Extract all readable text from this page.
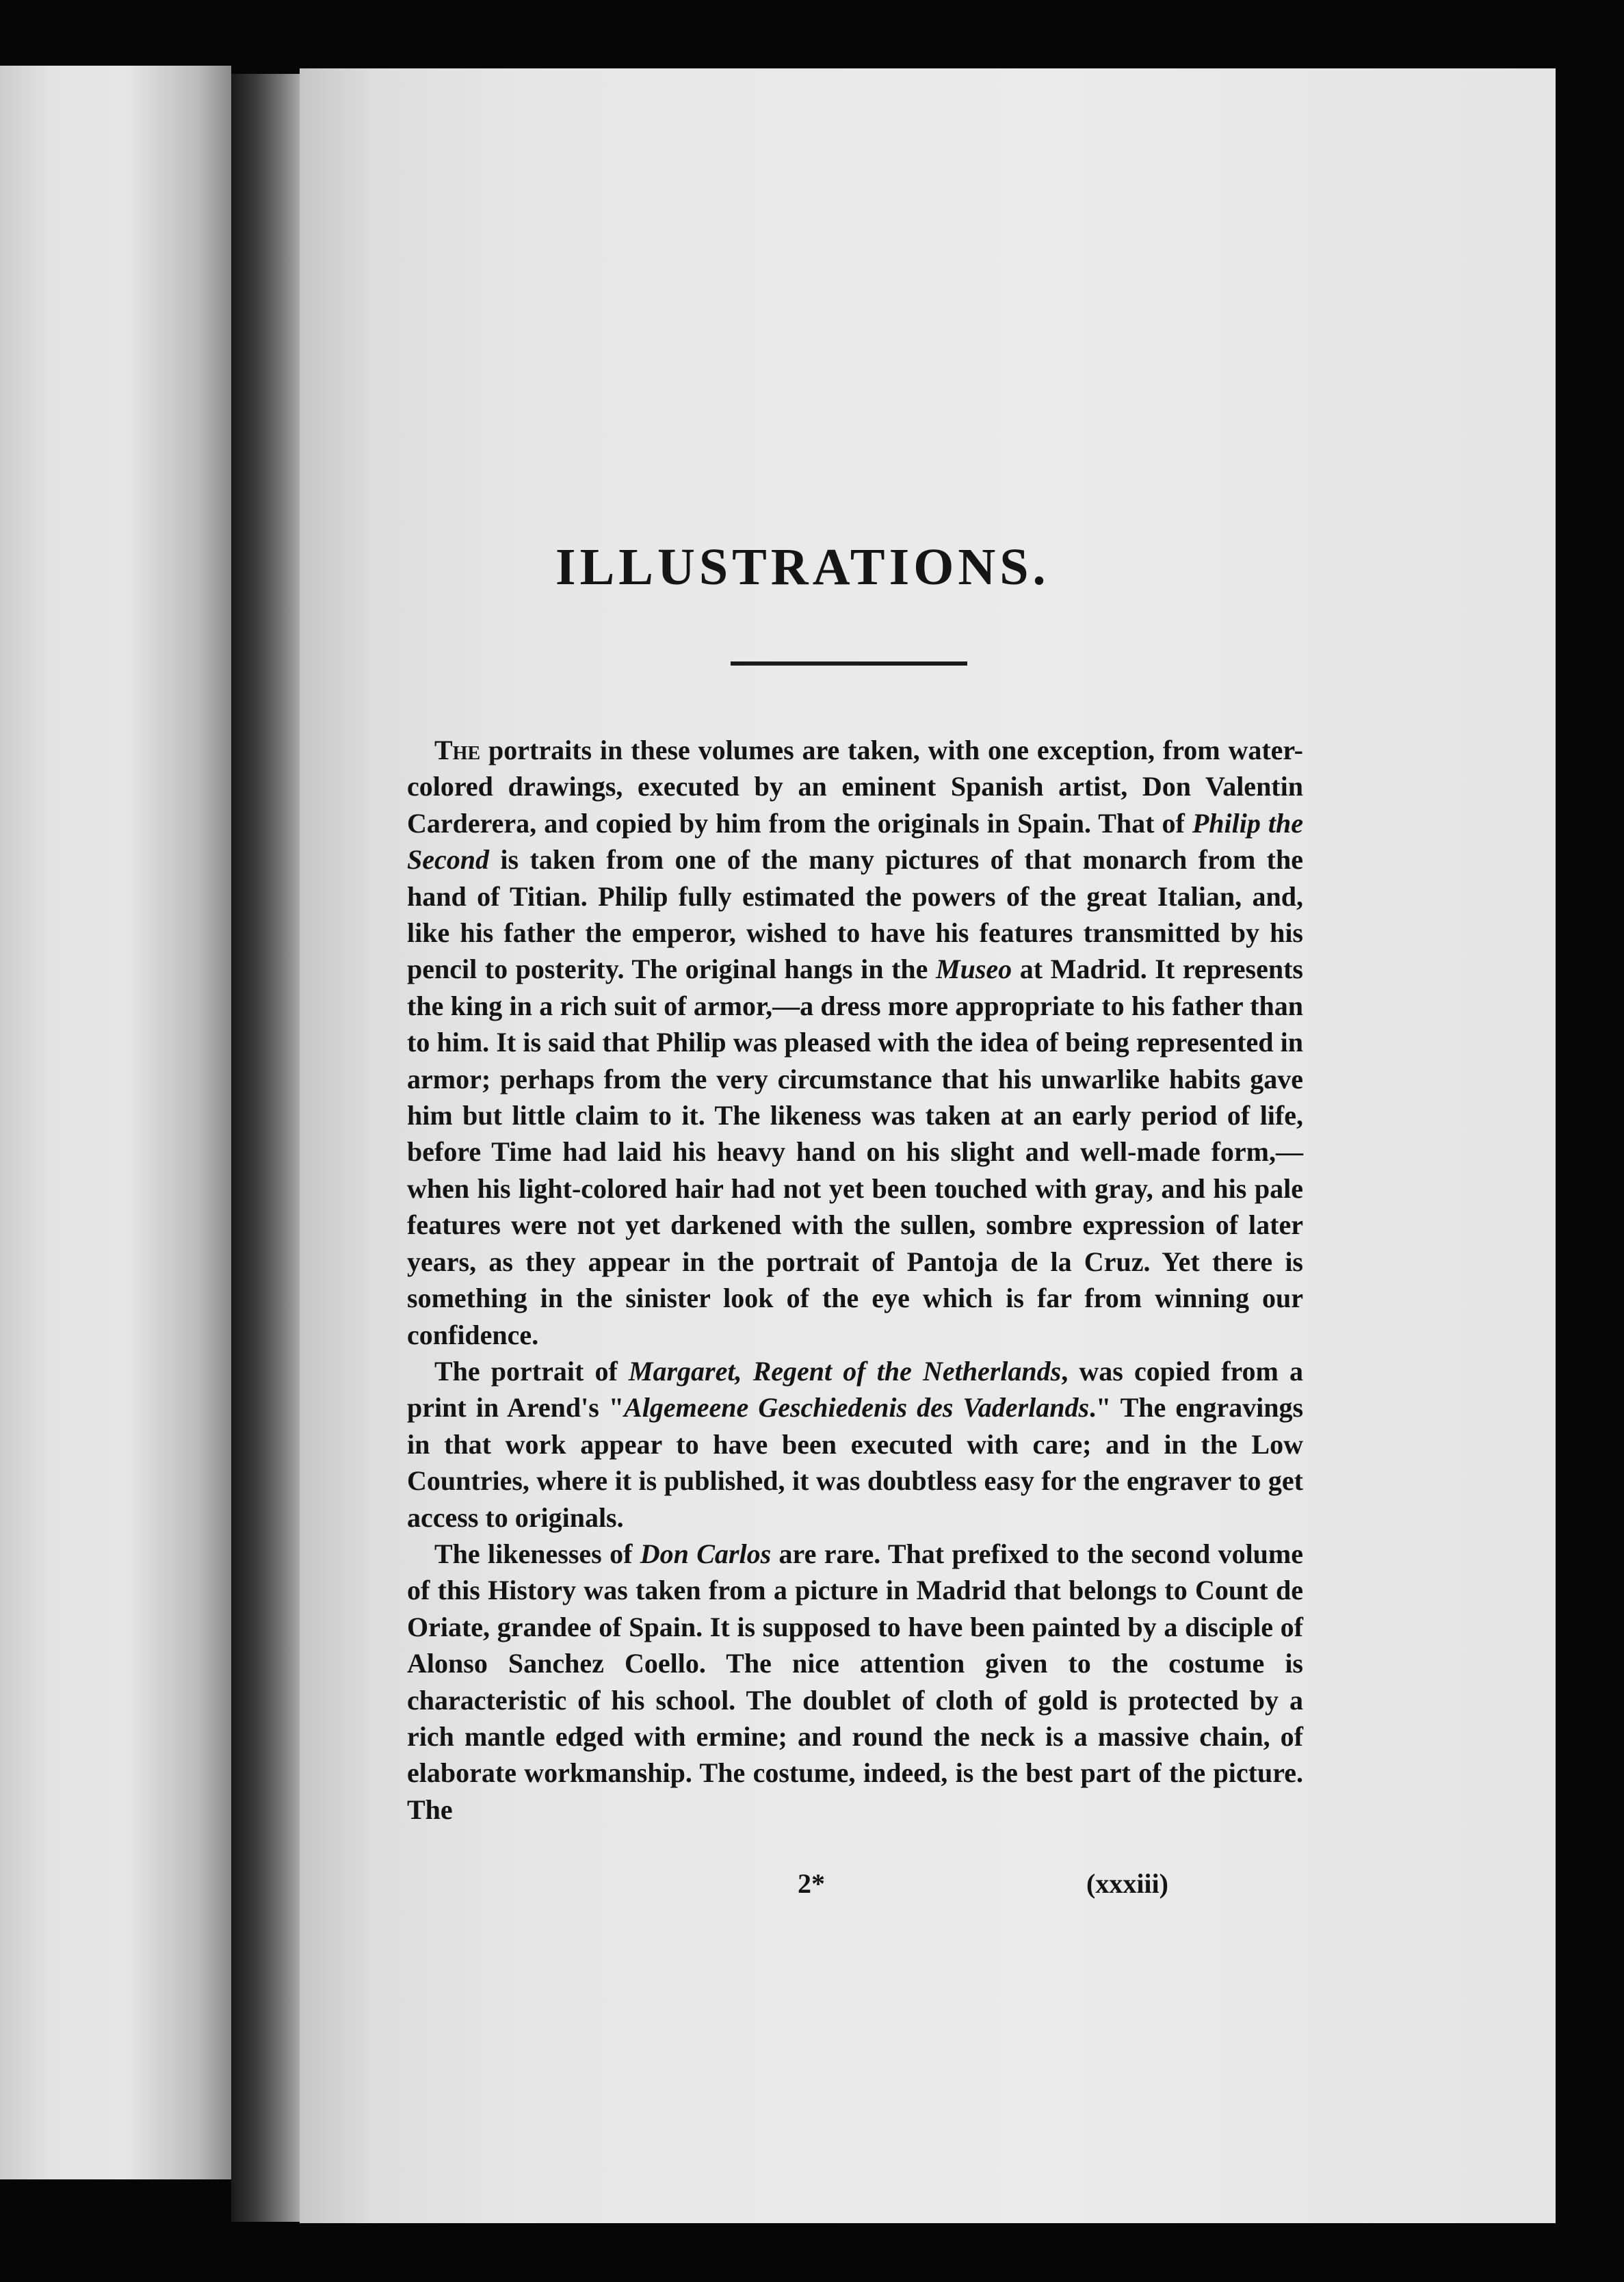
ILLUSTRATIONS.

The portraits in these volumes are taken, with one exception, from water-colored drawings, executed by an eminent Spanish artist, Don Valentin Carderera, and copied by him from the originals in Spain. That of Philip the Second is taken from one of the many pictures of that monarch from the hand of Titian. Philip fully estimated the powers of the great Italian, and, like his father the emperor, wished to have his features transmitted by his pencil to posterity. The original hangs in the Museo at Madrid. It represents the king in a rich suit of armor,—a dress more appropriate to his father than to him. It is said that Philip was pleased with the idea of being represented in armor; perhaps from the very circumstance that his unwarlike habits gave him but little claim to it. The likeness was taken at an early period of life, before Time had laid his heavy hand on his slight and well-made form,—when his light-colored hair had not yet been touched with gray, and his pale features were not yet darkened with the sullen, sombre expression of later years, as they appear in the portrait of Pantoja de la Cruz. Yet there is something in the sinister look of the eye which is far from winning our confidence.

The portrait of Margaret, Regent of the Netherlands, was copied from a print in Arend's "Algemeene Geschiedenis des Vaderlands." The engravings in that work appear to have been executed with care; and in the Low Countries, where it is published, it was doubtless easy for the engraver to get access to originals.

The likenesses of Don Carlos are rare. That prefixed to the second volume of this History was taken from a picture in Madrid that belongs to Count de Oriate, grandee of Spain. It is supposed to have been painted by a disciple of Alonso Sanchez Coello. The nice attention given to the costume is characteristic of his school. The doublet of cloth of gold is protected by a rich mantle edged with ermine; and round the neck is a massive chain, of elaborate workmanship. The costume, indeed, is the best part of the picture. The

2*	(xxxiii)
